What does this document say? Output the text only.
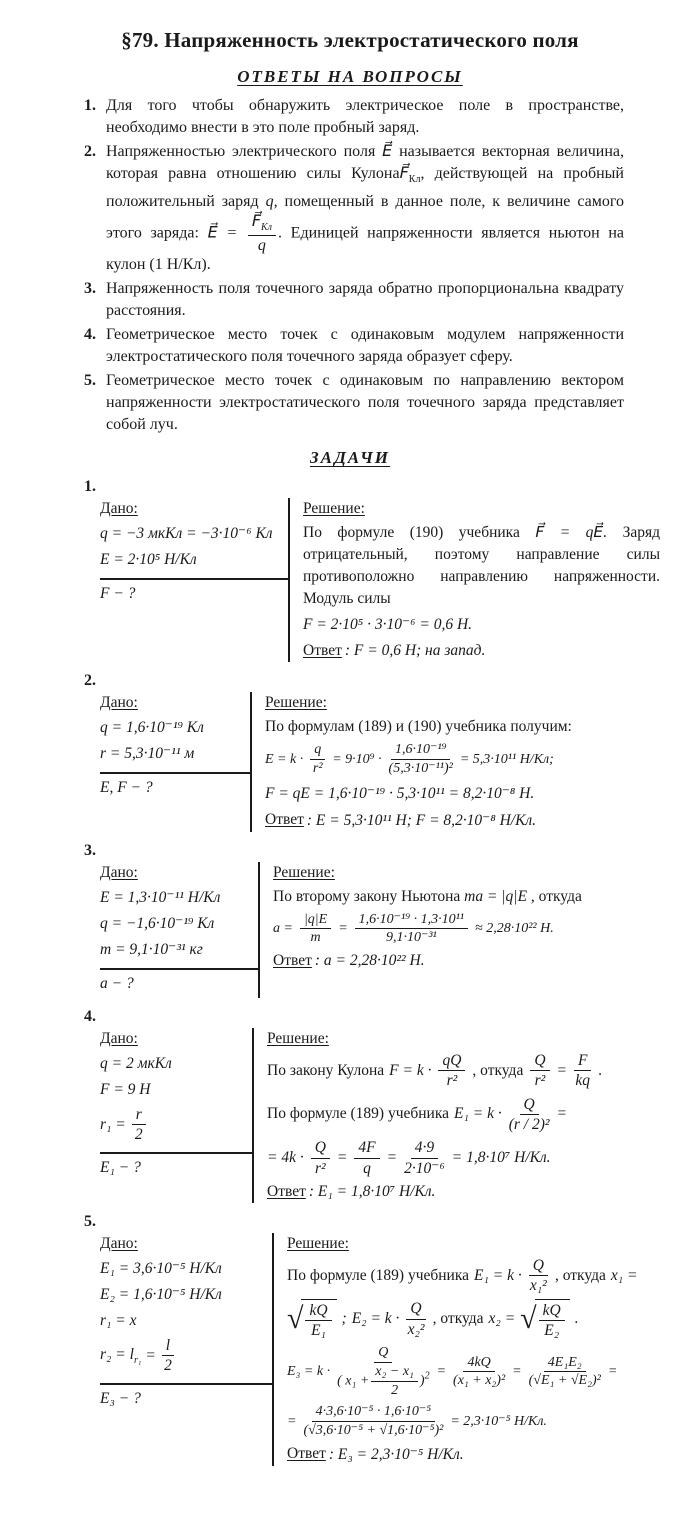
§79. Напряженность электростатического поля
ОТВЕТЫ НА ВОПРОСЫ
1. Для того чтобы обнаружить электрическое поле в пространстве, необходимо внести в это поле пробный заряд.
2. Напряженностью электрического поля E⃗ называется векторная величина, которая равна отношению силы $КулонаF⃗_{Кл}$, действующей на пробный положительный заряд q, помещенный в данное поле, к величине самого этого заряда: E⃗ = $\frac{F⃗_{Кл}}{q}$ . Единицей напряженности является ньютон на кулон (1 Н/Кл).
3. Напряженность поля точечного заряда обратно пропорциональна квадрату расстояния.
4. Геометрическое место точек с одинаковым модулем напряженности электростатического поля точечного заряда образует сферу.
5. Геометрическое место точек с одинаковым по направлению вектором напряженности электростатического поля точечного заряда представляет собой луч.
ЗАДАЧИ
1.
Дано:
q = −3 мкКл = −3·10⁻⁶ Кл
E = 2·10⁵ Н/Кл
F − ?
Решение:

По формуле (190) учебника F⃗ = qE⃗. Заряд отрицательный, поэтому направление силы противоположно направлению напряженности. Модуль силы

F = 2·10⁵ · 3·10⁻⁶ = 0,6 Н.
Ответ : F = 0,6 Н; на запад.
2.
Дано:
q = 1,6·10⁻¹⁹ Кл
r = 5,3·10⁻¹¹ м
E, F − ?
Решение:
По формулам (189) и (190) учебника получим:
$E = k \cdot \frac{q}{\text{r²}} = 9\cdot 10^9 \cdot \frac{\text{1,6·10⁻¹⁹}}{\text{(5,3·10⁻¹¹)²}} = 5,3\cdot 10^{11}$ Н/Кл;
F = qE = 1,6·10⁻¹⁹ · 5,3·10¹¹ = 8,2·10⁻⁸ Н.
Ответ : E = 5,3·10¹¹ Н; F = 8,2·10⁻⁸ Н/Кл.
3.
Дано:
E = 1,3·10⁻¹¹ Н/Кл
q = −1,6·10⁻¹⁹ Кл
m = 9,1·10⁻³¹ кг
a − ?
Решение:

По второму закону Ньютона ma = |q|E , откуда

$a = \frac{|q|E}{m} = \frac{\text{1,6·10⁻¹⁹ · 1,3·10¹¹}}{\text{9,1·10⁻³¹}} \approx 2,28\cdot 10^{22}$ Н.
Ответ : a = 2,28·10²² Н.
4.
Дано:
q = 2 мкКл
F = 9 Н
$r_1 = \frac{r}{2}$
E₁ − ?
Решение:
По закону Кулона $F = k \cdot \frac{qQ}{\text{r²}}$ , откуда $\frac{Q}{\text{r²}} = \frac{F}{kq}$ .
По формуле (189) учебника $E_1 = k \cdot \frac{Q}{\text{(r / 2)²}}$ =
= $4k \cdot \frac{Q}{\text{r²}} = \frac{4F}{q} = \frac{4\cdot 9}{\text{2·10⁻⁶}} = 1,8\cdot 10^7$ Н/Кл.
Ответ : E₁ = 1,8·10⁷ Н/Кл.
5.
Дано:
E₁ = 3,6·10⁻⁵ Н/Кл
E₂ = 1,6·10⁻⁵ Н/Кл
r₁ = x
$r_2 = l_{r_1} = \frac{l}{2}$
E₃ − ?
Решение:
По формуле (189) учебника $E_1 = k \cdot \frac{Q}{\text{x₁²}}$ , откуда x₁ =
√ $\frac{kQ}{\text{E₁}}$ ; $E_2 = k \cdot \frac{Q}{\text{x₂²}}$ , откуда x₂ = √ $\frac{kQ}{\text{E₂}}$ .
$E_3 = k \cdot \frac{Q}{( x_1 + \frac{\text{x₂ − x₁}}{2} )^2} = \frac{4kQ}{\text{(x₁ + x₂)²}} = \frac{\text{4E₁E₂}}{\text{(√E₁ + √E₂)²}}$ =
= $\frac{\text{4·3,6·10⁻⁵ · 1,6·10⁻⁵}}{\text{(√3,6·10⁻⁵ + √1,6·10⁻⁵)²}} = 2,3\cdot 10^{-5}$ Н/Кл.
Ответ : E₃ = 2,3·10⁻⁵ Н/Кл.
